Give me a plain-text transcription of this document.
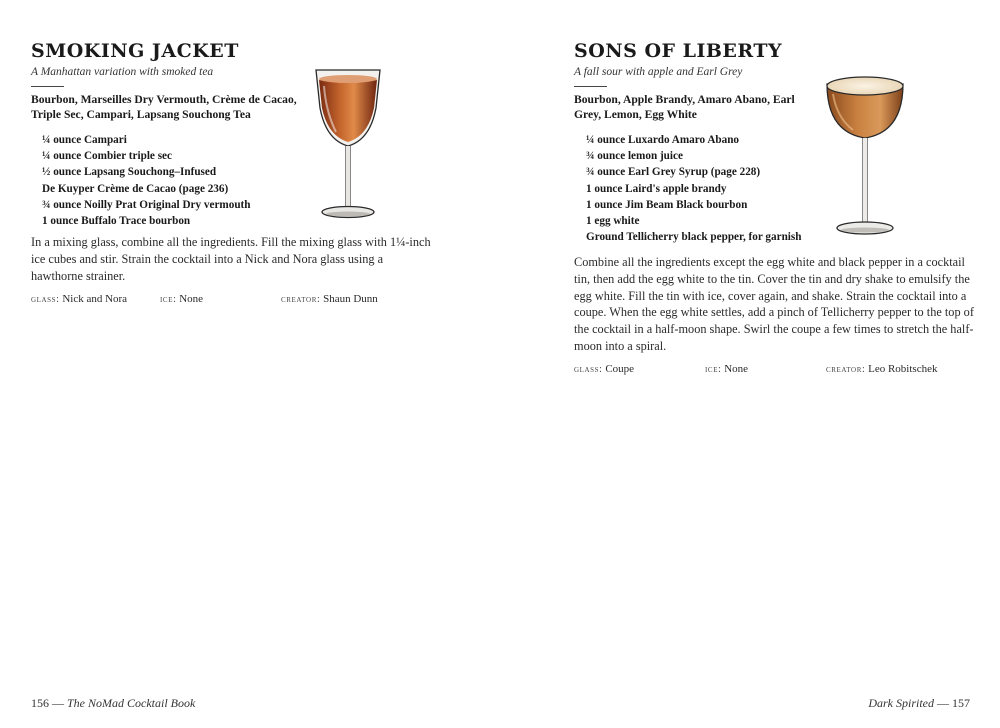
SMOKING JACKET

A Manhattan variation with smoked tea

Bourbon, Marseilles Dry Vermouth, Crème de Cacao, Triple Sec, Campari, Lapsang Souchong Tea

¼ ounce Campari
¼ ounce Combier triple sec
½ ounce Lapsang Souchong–Infused
De Kuyper Crème de Cacao (page 236)
¾ ounce Noilly Prat Original Dry vermouth
1 ounce Buffalo Trace bourbon

In a mixing glass, combine all the ingredients. Fill the mixing glass with 1¼-inch ice cubes and stir. Strain the cocktail into a Nick and Nora glass using a hawthorne strainer.

glass: Nick and Nora	ice: None	creator: Shaun Dunn
156 — The NoMad Cocktail Book
SONS OF LIBERTY

A fall sour with apple and Earl Grey

Bourbon, Apple Brandy, Amaro Abano, Earl Grey, Lemon, Egg White

¼ ounce Luxardo Amaro Abano
¾ ounce lemon juice
¾ ounce Earl Grey Syrup (page 228)
1 ounce Laird's apple brandy
1 ounce Jim Beam Black bourbon
1 egg white
Ground Tellicherry black pepper, for garnish

Combine all the ingredients except the egg white and black pepper in a cocktail tin, then add the egg white to the tin. Cover the tin and dry shake to emulsify the egg white. Fill the tin with ice, cover again, and shake. Strain the cocktail into a coupe. When the egg white settles, add a pinch of Tellicherry pepper to the top of the cocktail in a half-moon shape. Swirl the coupe a few times to stretch the half-moon into a spiral.

glass: Coupe	ice: None	creator: Leo Robitschek
Dark Spirited — 157
